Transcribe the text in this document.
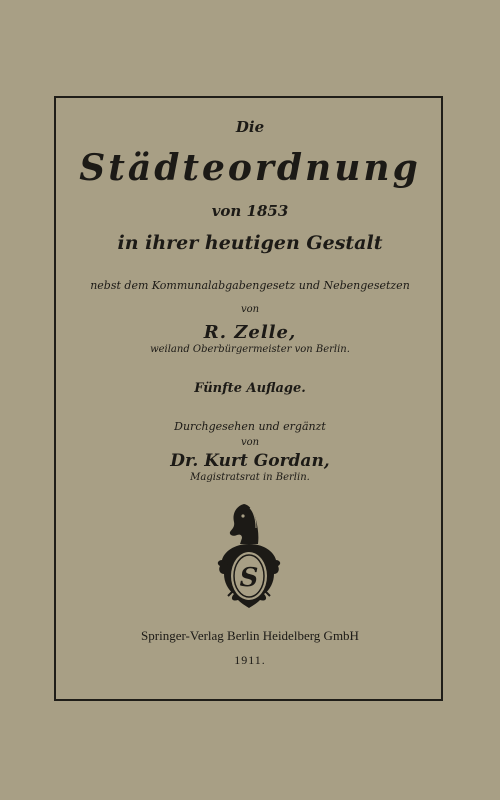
Die
Städteordnung
von 1853
in ihrer heutigen Gestalt
nebst dem Kommunalabgabengesetz und Nebengesetzen
von
R. Zelle,
weiland Oberbürgermeister von Berlin.
Fünfte Auflage.
Durchgesehen und ergänzt
von
Dr. Kurt Gordan,
Magistratsrat in Berlin.
S
Springer-Verlag Berlin Heidelberg GmbH
1911.
